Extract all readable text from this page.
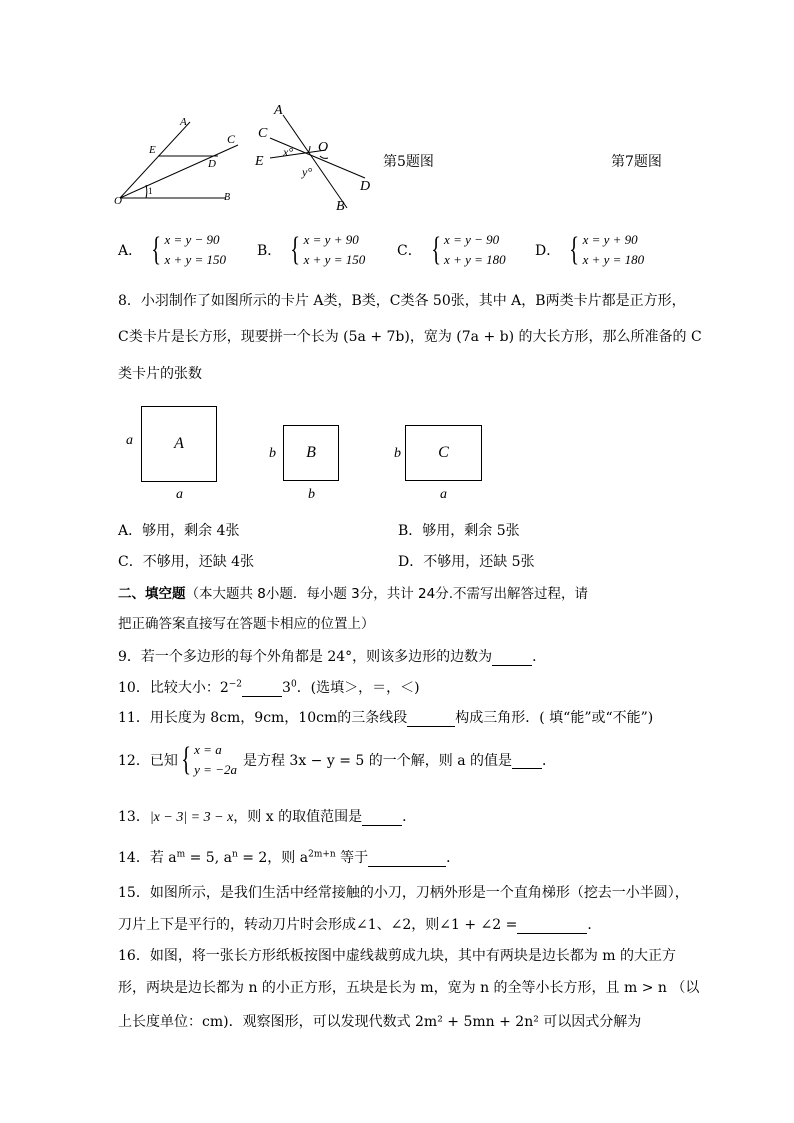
A
C
E
D
O	B
1
A
C
E
x° O
y°
D
B
第5题图	第7题图
A． { x = y − 90
x + y = 150
B． { x = y + 90
x + y = 150
C． { x = y − 90
x + y = 180
D． { x = y + 90
x + y = 180
8．小羽制作了如图所示的卡片 A类，B类，C类各 50张，其中 A，B两类卡片都是正方形，
C类卡片是长方形，现要拼一个长为 (5a + 7b)，宽为 (7a + b) 的大长方形，那么所准备的 C
类卡片的张数
A
a
a
B
b
b
C
b
a
A．够用，剩余 4张	B．够用，剩余 5张
C．不够用，还缺 4张	D．不够用，还缺 5张
二、填空题（本大题共 8小题．每小题 3分，共计 24分.不需写出解答过程，请
把正确答案直接写在答题卡相应的位置上）
9．若一个多边形的每个外角都是 24°，则该多边形的边数为	．
10．比较大小：$2^{-2}$	$3^0$．(选填＞，＝，＜)
11．用长度为 8cm，9cm，10cm的三条线段	构成三角形．( 填“能”或“不能”)
12．已知 { x = a
y = −2a
是方程 3x − y = 5 的一个解，则 a 的值是
．
13．|x − 3| = 3 − x，则 x 的取值范围是	．
14．若 $a^m = 5$, $a^n = 2$，则 $a^{2m+n}$ 等于	．
15．如图所示，是我们生活中经常接触的小刀，刀柄外形是一个直角梯形（挖去一小半圆），
刀片上下是平行的，转动刀片时会形成∠1、∠2，则∠1 + ∠2 =	．
16．如图，将一张长方形纸板按图中虚线裁剪成九块，其中有两块是边长都为 m 的大正方
形，两块是边长都为 n 的小正方形，五块是长为 m，宽为 n 的全等小长方形，且 m > n （以
上长度单位：cm)．观察图形，可以发现代数式 2m² + 5mn + 2n² 可以因式分解为
